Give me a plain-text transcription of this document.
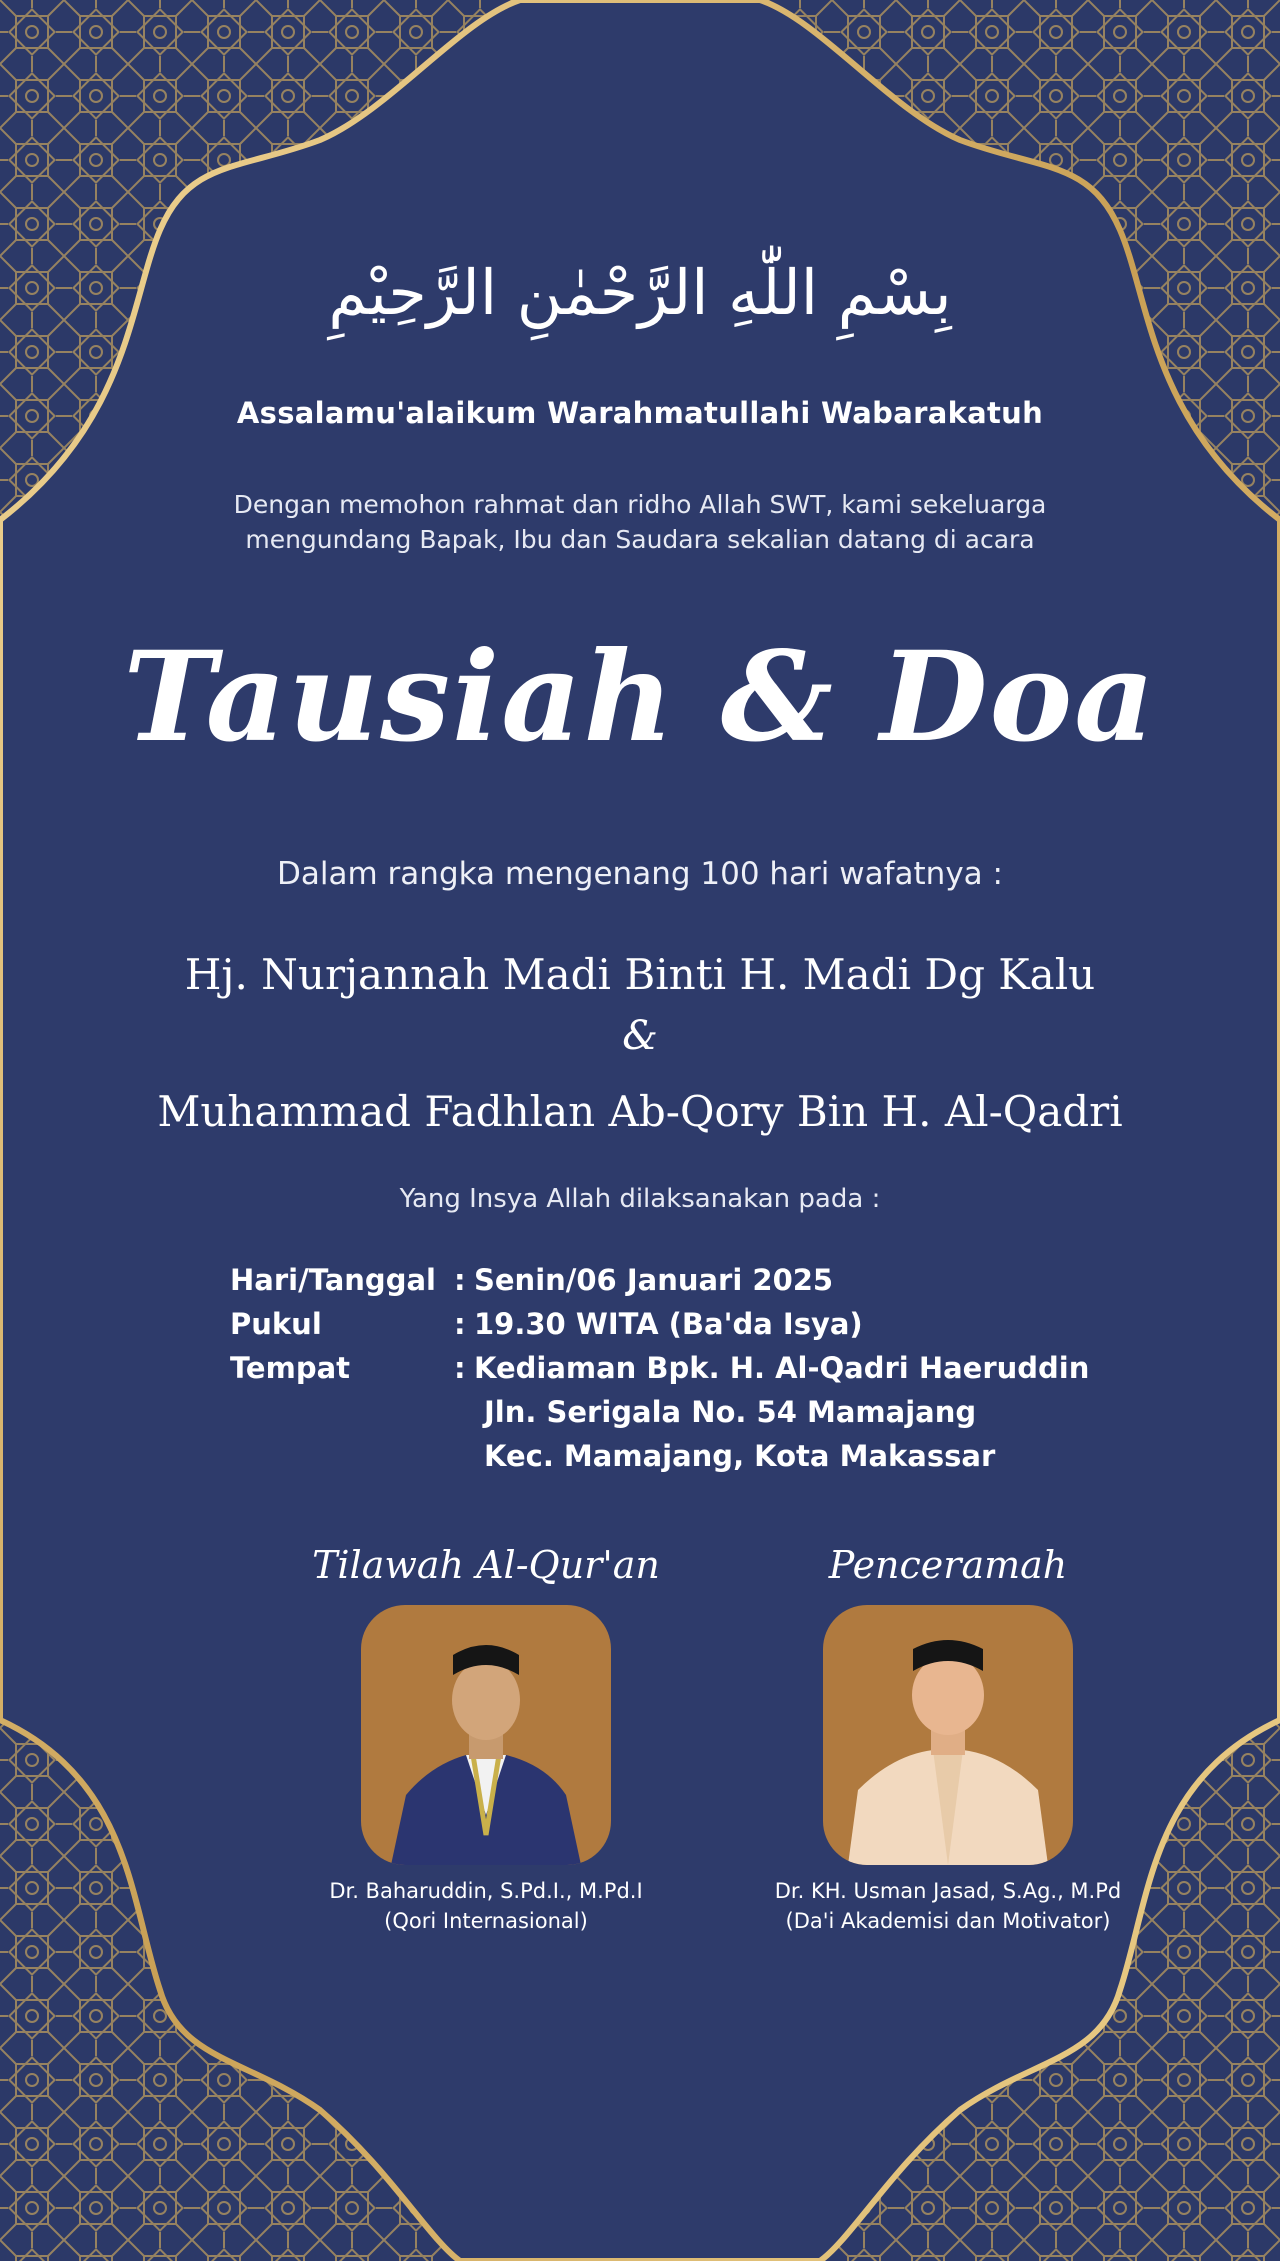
بِسْمِ اللّٰهِ الرَّحْمٰنِ الرَّحِيْمِ
Assalamu'alaikum Warahmatullahi Wabarakatuh
Dengan memohon rahmat dan ridho Allah SWT, kami sekeluarga
mengundang Bapak, Ibu dan Saudara sekalian datang di acara
Tausiah & Doa
Dalam rangka mengenang 100 hari wafatnya :
Hj. Nurjannah Madi Binti H. Madi Dg Kalu
&
Muhammad Fadhlan Ab-Qory Bin H. Al-Qadri
Yang Insya Allah dilaksanakan pada :
Hari/Tanggal : Senin/06 Januari 2025
Pukul	: 19.30 WITA (Ba'da Isya)
Tempat	: Kediaman Bpk. H. Al-Qadri Haeruddin
Jln. Serigala No. 54 Mamajang
Kec. Mamajang, Kota Makassar
Tilawah Al-Qur'an
Dr. Baharuddin, S.Pd.I., M.Pd.I
(Qori Internasional)
Penceramah
Dr. KH. Usman Jasad, S.Ag., M.Pd
(Da'i Akademisi dan Motivator)
